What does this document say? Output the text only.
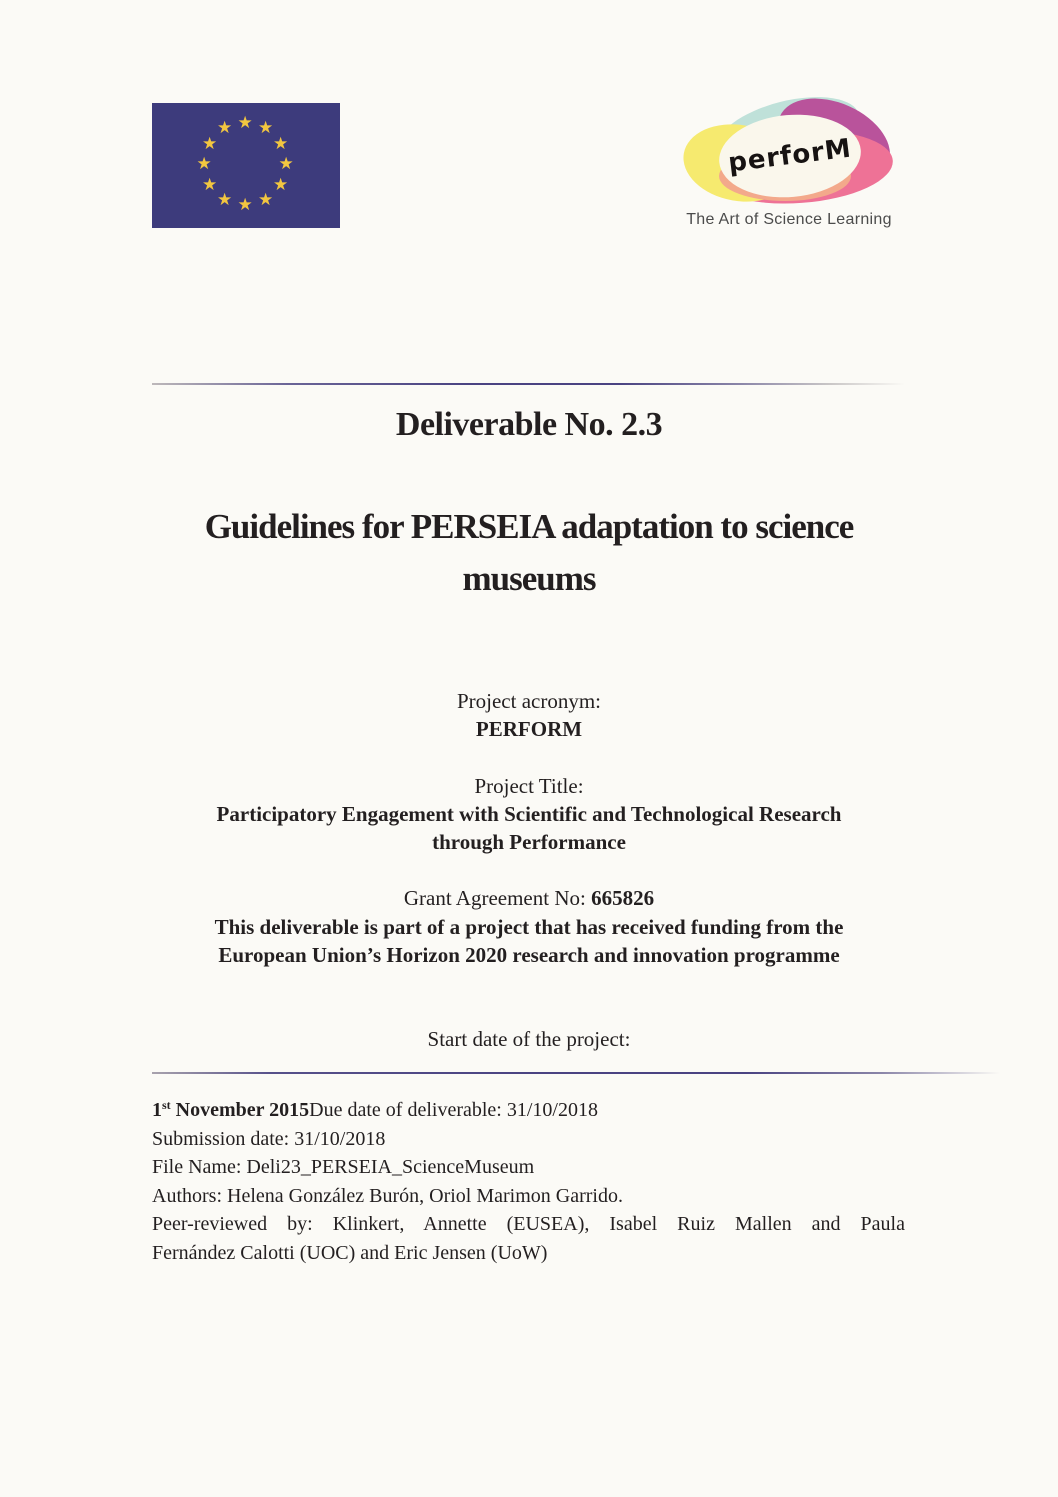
★ ★
★
★
★
★
★
★
★
★
★
★
perforM
The Art of Science Learning
Deliverable No. 2.3
Guidelines for PERSEIA adaptation to science
museums
Project acronym:
PERFORM
Project Title:
Participatory Engagement with Scientific and Technological Research
through Performance
Grant Agreement No: 665826
This deliverable is part of a project that has received funding from the
European Union’s Horizon 2020 research and innovation programme
Start date of the project:
1st November 2015Due date of deliverable: 31/10/2018
Submission date: 31/10/2018
File Name: Deli23_PERSEIA_ScienceMuseum
Authors: Helena González Burón, Oriol Marimon Garrido.
Peer-reviewed by: Klinkert, Annette (EUSEA), Isabel Ruiz Mallen and Paula
Fernández Calotti (UOC) and Eric Jensen (UoW)
